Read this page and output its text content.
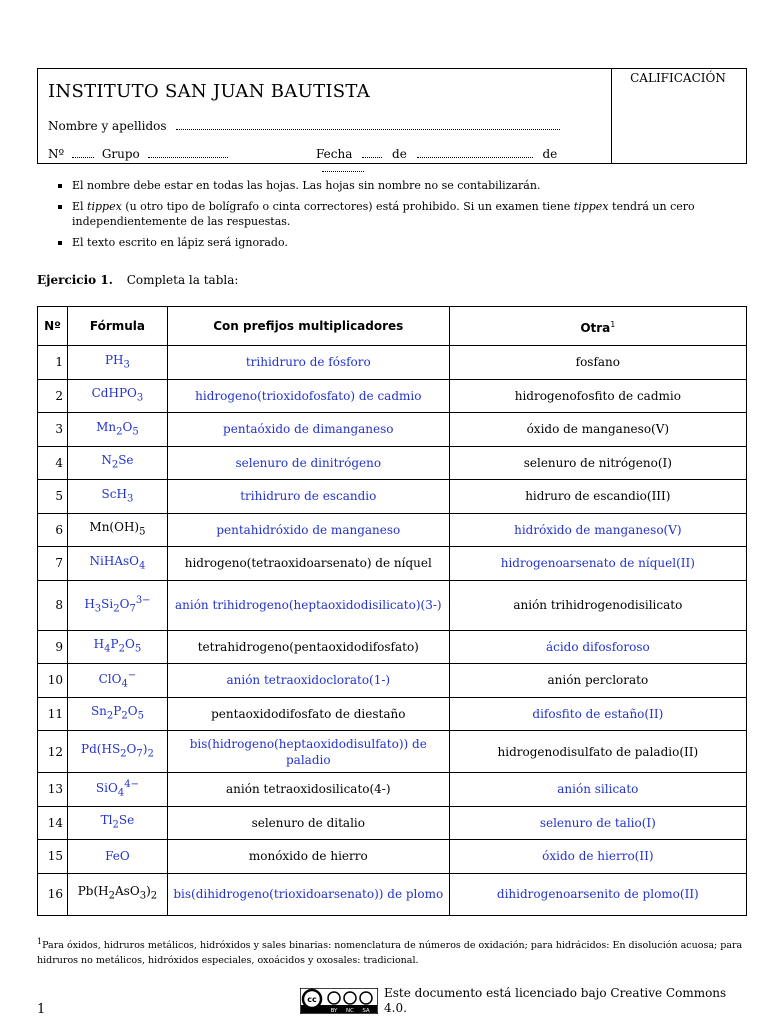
INSTITUTO SAN JUAN BAUTISTA
Nombre y apellidos
Nº	Grupo	Fecha	de	de
CALIFICACIÓN
El nombre debe estar en todas las hojas. Las hojas sin nombre no se contabilizarán.
El tippex (u otro tipo de bolígrafo o cinta correctores) está prohibido. Si un examen tiene tippex tendrá un cero independientemente de las respuestas.
El texto escrito en lápiz será ignorado.
Ejercicio 1. Completa la tabla:
Nº	Fórmula	Con prefijos multiplicadores	Otra$^1$
1	$PH_3$	trihidruro de fósforo	fosfano
2	CdHPO$_3$	hidrogeno(trioxidofosfato) de cadmio	hidrogenofosfito de cadmio
3	$Mn_2O_5$	pentaóxido de dimanganeso	óxido de manganeso(V)
4	$N_2Se$	selenuro de dinitrógeno	selenuro de nitrógeno(I)
5	ScH$_3$	trihidruro de escandio	hidruro de escandio(III)
6	$Mn(OH)_5$	pentahidróxido de manganeso	hidróxido de manganeso(V)
7	NiHAsO$_4$	hidrogeno(tetraoxidoarsenato) de níquel	hidrogenoarsenato de níquel(II)
8	$H_3Si_2O_7^{3-}$	anión trihidrogeno(heptaoxidodisilicato)(3-)	anión trihidrogenodisilicato
9	$H_4P_2O_5$	tetrahidrogeno(pentaoxidodifosfato)	ácido difosforoso
10	ClO$_4$−	anión tetraoxidoclorato(1-)	anión perclorato
11	$Sn_2P_2O_5$	pentaoxidodifosfato de diestaño	difosfito de estaño(II)
12	$Pd(HS_2O_7)_2$	bis(hidrogeno(heptaoxidodisulfato)) de paladio	hidrogenodisulfato de paladio(II)
13	SiO$_4^{4-}$	anión tetraoxidosilicato(4-)	anión silicato
14	$Tl_2Se$	selenuro de ditalio	selenuro de talio(I)
15	FeO	monóxido de hierro	óxido de hierro(II)
16	$Pb(H_2AsO_3)_2$	bis(dihidrogeno(trioxidoarsenato)) de plomo	dihidrogenoarsenito de plomo(II)
$^1$Para óxidos, hidruros metálicos, hidróxidos y sales binarias: nomenclatura de números de oxidación; para hidrácidos: En disolución acuosa; para hidruros no metálicos, hidróxidos especiales, oxoácidos y oxosales: tradicional.
1
cc
BY NC SA
Este documento está licenciado bajo Creative Commons 4.0.
